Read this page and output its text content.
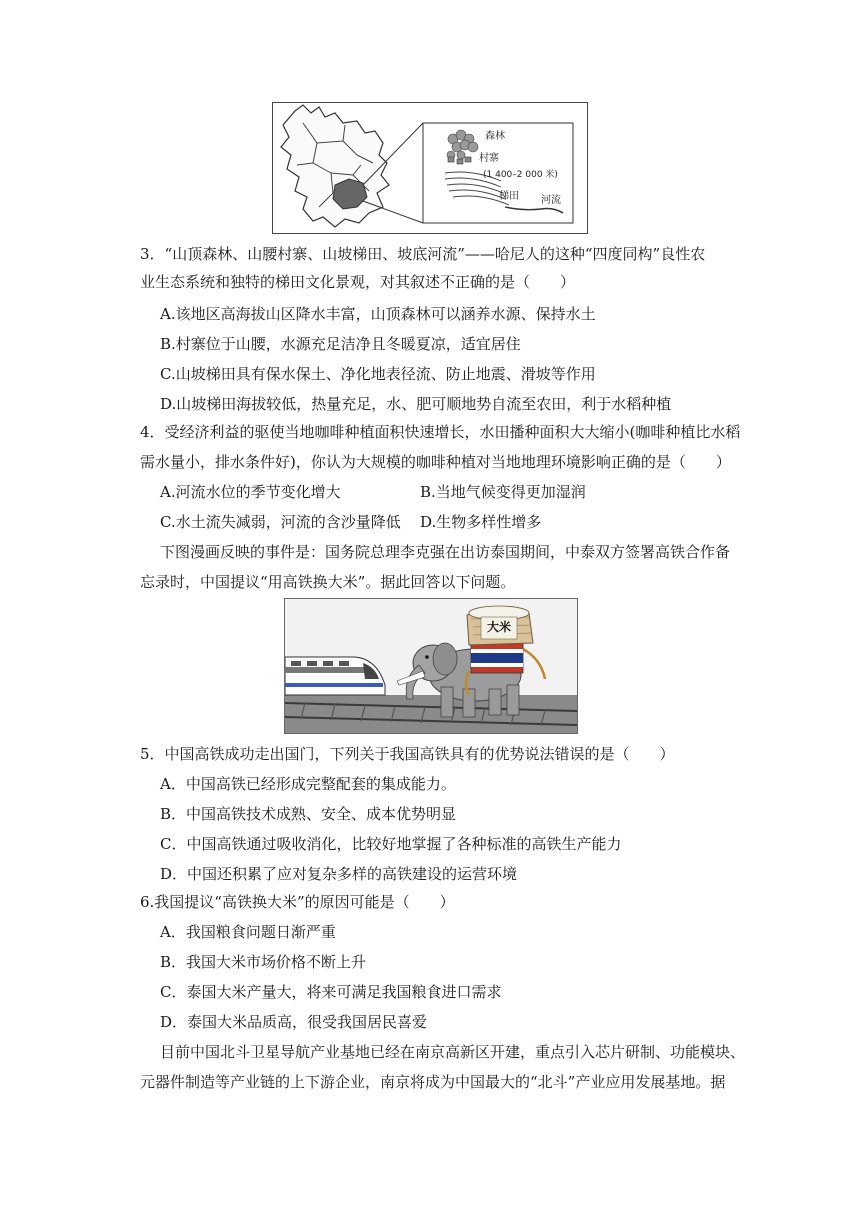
森林
村寨
(1 400–2 000 米)
梯田 河流
3．“山顶森林、山腰村寨、山坡梯田、坡底河流”——哈尼人的这种“四度同构”良性农
业生态系统和独特的梯田文化景观，对其叙述不正确的是（　　）
A.该地区高海拔山区降水丰富，山顶森林可以涵养水源、保持水土
B.村寨位于山腰，水源充足洁净且冬暖夏凉，适宜居住
C.山坡梯田具有保水保土、净化地表径流、防止地震、滑坡等作用
D.山坡梯田海拔较低，热量充足，水、肥可顺地势自流至农田，利于水稻种植
4．受经济利益的驱使当地咖啡种植面积快速增长，水田播种面积大大缩小(咖啡种植比水稻
需水量小，排水条件好)，你认为大规模的咖啡种植对当地地理环境影响正确的是（　　）
A.河流水位的季节变化增大	B.当地气候变得更加湿润
C.水土流失减弱，河流的含沙量降低 D.生物多样性增多
下图漫画反映的事件是：国务院总理李克强在出访泰国期间，中泰双方签署高铁合作备
忘录时，中国提议“用高铁换大米”。据此回答以下问题。
大米
5．中国高铁成功走出国门，下列关于我国高铁具有的优势说法错误的是（　　）
A．中国高铁已经形成完整配套的集成能力。
B．中国高铁技术成熟、安全、成本优势明显
C．中国高铁通过吸收消化，比较好地掌握了各种标准的高铁生产能力
D．中国还积累了应对复杂多样的高铁建设的运营环境
6.我国提议“高铁换大米”的原因可能是（　　）
A．我国粮食问题日渐严重
B．我国大米市场价格不断上升
C．泰国大米产量大，将来可满足我国粮食进口需求
D．泰国大米品质高，很受我国居民喜爱
目前中国北斗卫星导航产业基地已经在南京高新区开建，重点引入芯片研制、功能模块、
元器件制造等产业链的上下游企业，南京将成为中国最大的“北斗”产业应用发展基地。据
